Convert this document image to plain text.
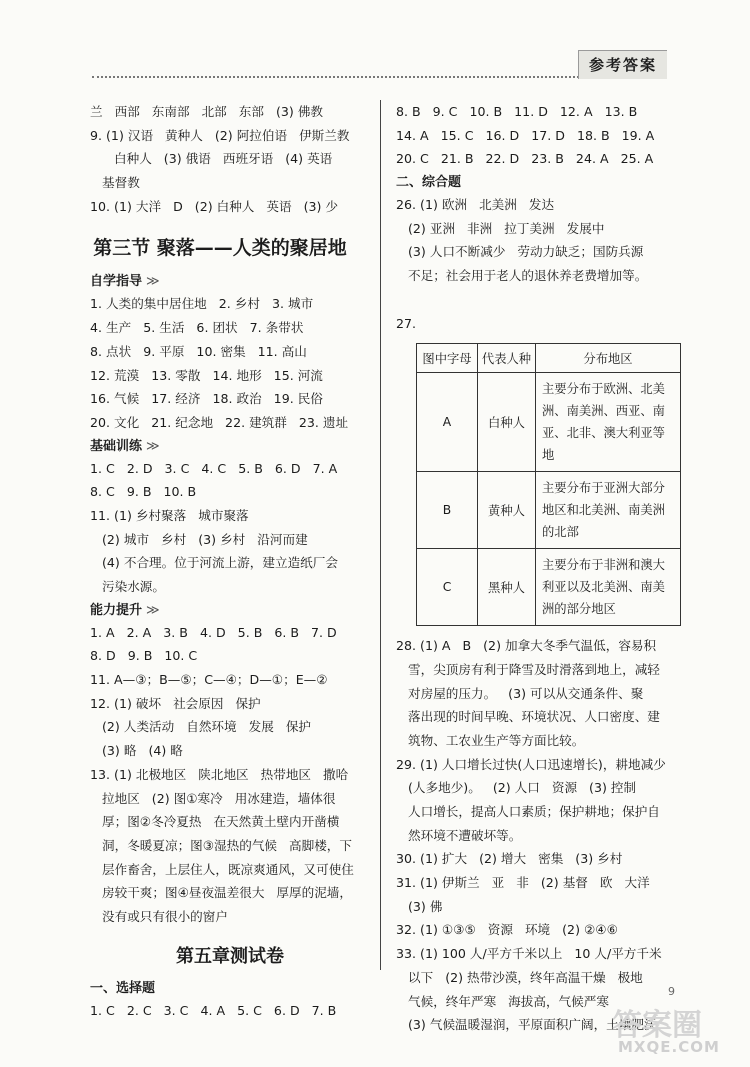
参考答案
兰   西部   东南部   北部   东部   (3) 佛教
9. (1) 汉语   黄种人   (2) 阿拉伯语   伊斯兰教
白种人   (3) 俄语   西班牙语   (4) 英语
基督教
10. (1) 大洋   D   (2) 白种人   英语   (3) 少
第三节 聚落——人类的聚居地
自学指导 ≫
1. 人类的集中居住地   2. 乡村   3. 城市
4. 生产   5. 生活   6. 团状   7. 条带状
8. 点状   9. 平原   10. 密集   11. 高山
12. 荒漠   13. 零散   14. 地形   15. 河流
16. 气候   17. 经济   18. 政治   19. 民俗
20. 文化   21. 纪念地   22. 建筑群   23. 遗址
基础训练 ≫
1. C   2. D   3. C   4. C   5. B   6. D   7. A
8. C   9. B   10. B
11. (1) 乡村聚落   城市聚落
(2) 城市   乡村   (3) 乡村   沿河而建
(4) 不合理。位于河流上游，建立造纸厂会
污染水源。
能力提升 ≫
1. A   2. A   3. B   4. D   5. B   6. B   7. D
8. D   9. B   10. C
11. A—③；B—⑤；C—④；D—①；E—②
12. (1) 破坏   社会原因   保护
(2) 人类活动   自然环境   发展   保护
(3) 略   (4) 略
13. (1) 北极地区   陕北地区   热带地区   撒哈
拉地区   (2) 图①寒冷   用冰建造，墙体很
厚；图②冬冷夏热   在天然黄土壁内开凿横
洞，冬暖夏凉；图③湿热的气候   高脚楼，下
层作畜舍，上层住人，既凉爽通风，又可使住
房较干爽；图④昼夜温差很大   厚厚的泥墙，
没有或只有很小的窗户
第五章测试卷
一、选择题
1. C   2. C   3. C   4. A   5. C   6. D   7. B
8. B   9. C   10. B   11. D   12. A   13. B
14. A   15. C   16. D   17. D   18. B   19. A
20. C   21. B   22. D   23. B   24. A   25. A
二、综合题
26. (1) 欧洲   北美洲   发达
(2) 亚洲   非洲   拉丁美洲   发展中
(3) 人口不断减少   劳动力缺乏；国防兵源
不足；社会用于老人的退休养老费增加等。
27.
图中字母	代表人种	分布地区
A	白种人	主要分布于欧洲、北美洲、南美洲、西亚、南亚、北非、澳大利亚等地
B	黄种人	主要分布于亚洲大部分地区和北美洲、南美洲的北部
C	黑种人	主要分布于非洲和澳大利亚以及北美洲、南美洲的部分地区
28. (1) A   B   (2) 加拿大冬季气温低，容易积
雪，尖顶房有利于降雪及时滑落到地上，减轻
对房屋的压力。   (3) 可以从交通条件、聚
落出现的时间早晚、环境状况、人口密度、建
筑物、工农业生产等方面比较。
29. (1) 人口增长过快(人口迅速增长)，耕地减少
(人多地少)。   (2) 人口   资源   (3) 控制
人口增长，提高人口素质；保护耕地；保护自
然环境不遭破坏等。
30. (1) 扩大   (2) 增大   密集   (3) 乡村
31. (1) 伊斯兰   亚   非   (2) 基督   欧   大洋
(3) 佛
32. (1) ①③⑤   资源   环境   (2) ②④⑥
33. (1) 100 人/平方千米以上   10 人/平方千米
以下   (2) 热带沙漠，终年高温干燥   极地
气候，终年严寒   海拔高，气候严寒
(3) 气候温暖湿润，平原面积广阔，土壤肥沃
9
答案圈
MXQE.COM
